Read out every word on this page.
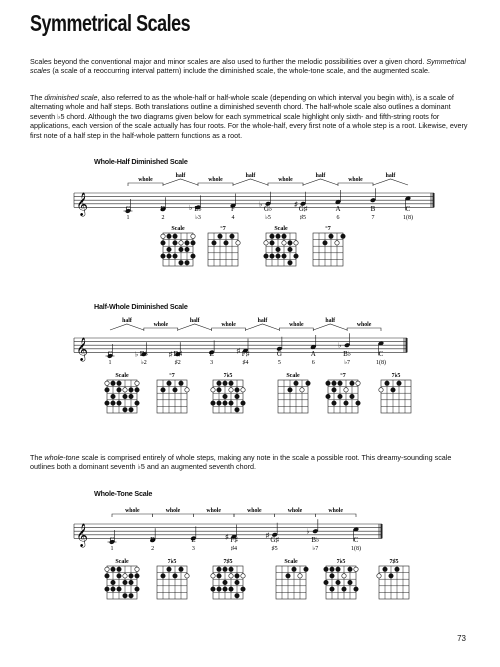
Symmetrical Scales

Scales beyond the conventional major and minor scales are also used to further the melodic possibilities over a given chord. Symmetrical scales (a scale of a reoccurring interval pattern) include the diminished scale, the whole-tone scale, and the augmented scale.

The diminished scale, also referred to as the whole-half or half-whole scale (depending on which interval you begin with), is a scale of alternating whole and half steps. Both translations outline a diminished seventh chord. The half-whole scale also outlines a dominant seventh ♭5 chord. Although the two diagrams given below for each symmetrical scale highlight only sixth- and fifth-string roots for applications, each version of the scale actually has four roots. For the whole-half, every first note of a whole step is a root. Likewise, every first note of a half step in the half-whole pattern functions as a root.

Whole-Half Diminished Scale
𝄞	♭	♭	♯
whole
half
whole
half
whole
half
whole
half
C
1
D
2
E♭
♭3
F
4
G♭
♭5
G♯
♯5
A
6
B
7
C
1(8)
Scale	°7	Scale	°7
Half-Whole Diminished Scale
𝄞	♭	♯	♯
♭
half
whole
half
whole
half
whole
half
whole
C
1
D♭
♭2
D♯
♯2
E
3
F♯
♯4
G
5
A
6
B♭
♭7
C
1(8)
Scale	°7	7♭5	Scale	°7	7♭5

The whole-tone scale is comprised entirely of whole steps, making any note in the scale a possible root. This dreamy-sounding scale outlines both a dominant seventh ♭5 and an augmented seventh chord.

Whole-Tone Scale
𝄞	♯	♯	♭
whole	whole	whole	whole	whole	whole
C
1
D
2
E
3
F♯
♯4
G♯
♯5
B♭
♭7
C
1(8)
Scale	7♭5	7♯5	Scale	7♭5	7♯5
73
